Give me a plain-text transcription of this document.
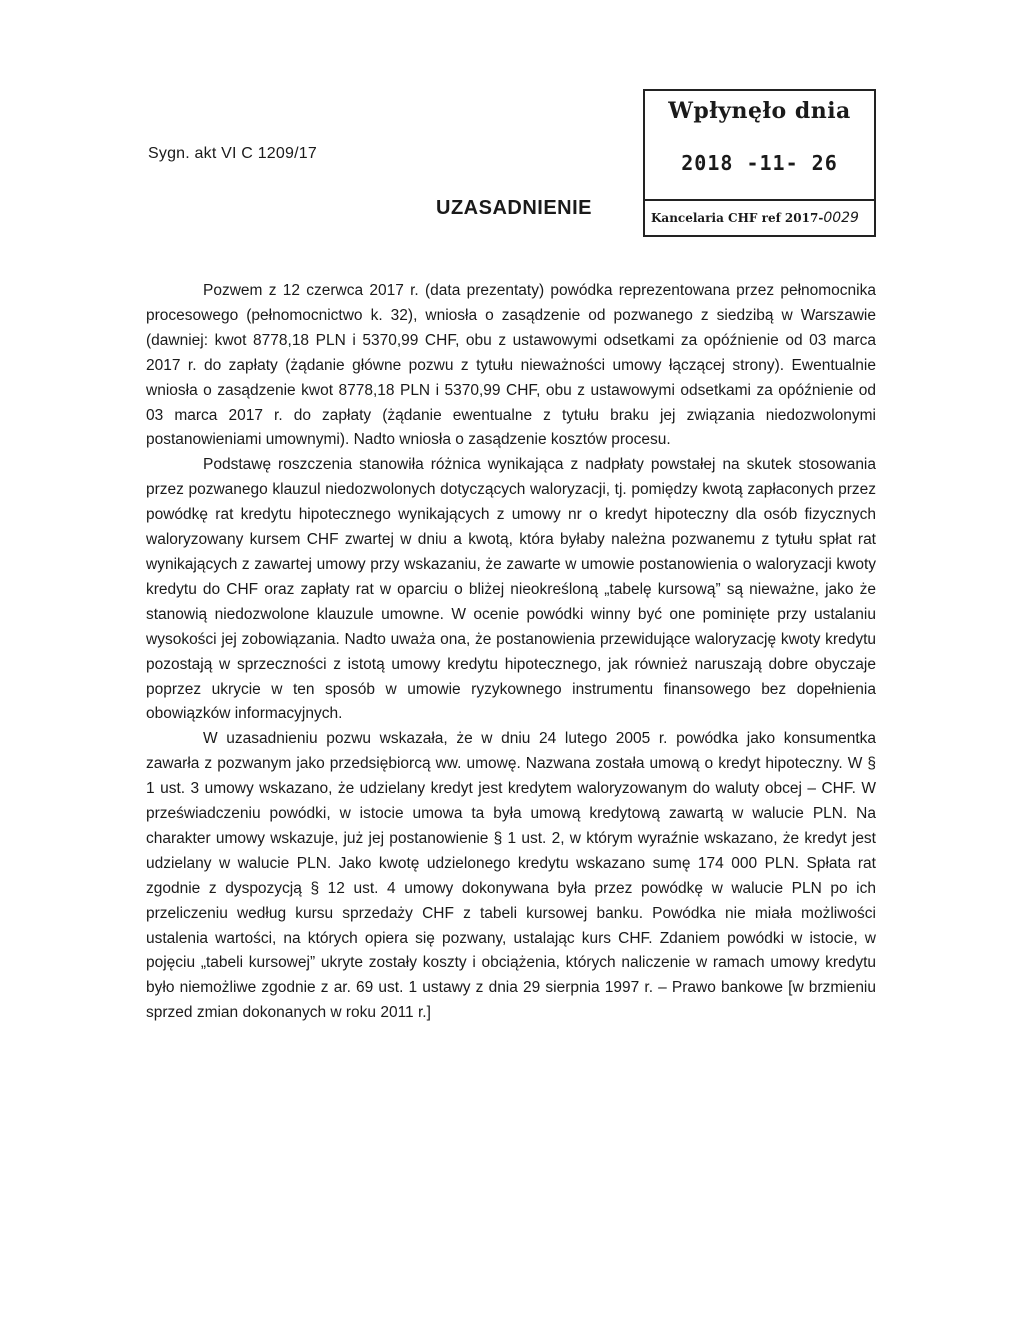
Sygn. akt VI C 1209/17
Wpłynęło dnia
2018 -11- 26
Kancelaria CHF ref 2017-0029
UZASADNIENIE

Pozwem z 12 czerwca 2017 r. (data prezentaty) powódka reprezentowana przez pełnomocnika procesowego (pełnomocnictwo k. 32), wniosła o zasądzenie od pozwanego z siedzibą w Warszawie (dawniej: kwot 8778,18 PLN i 5370,99 CHF, obu z ustawowymi odsetkami za opóźnienie od 03 marca 2017 r. do zapłaty (żądanie główne pozwu z tytułu nieważności umowy łączącej strony). Ewentualnie wniosła o zasądzenie kwot 8778,18 PLN i 5370,99 CHF, obu z ustawowymi odsetkami za opóźnienie od 03 marca 2017 r. do zapłaty (żądanie ewentualne z tytułu braku jej związania niedozwolonymi postanowieniami umownymi). Nadto wniosła o zasądzenie kosztów procesu.

Podstawę roszczenia stanowiła różnica wynikająca z nadpłaty powstałej na skutek stosowania przez pozwanego klauzul niedozwolonych dotyczących waloryzacji, tj. pomiędzy kwotą zapłaconych przez powódkę rat kredytu hipotecznego wynikających z umowy nr o kredyt hipoteczny dla osób fizycznych waloryzowany kursem CHF zwartej w dniu a kwotą, która byłaby należna pozwanemu z tytułu spłat rat wynikających z zawartej umowy przy wskazaniu, że zawarte w umowie postanowienia o waloryzacji kwoty kredytu do CHF oraz zapłaty rat w oparciu o bliżej nieokreśloną „tabelę kursową” są nieważne, jako że stanowią niedozwolone klauzule umowne. W ocenie powódki winny być one pominięte przy ustalaniu wysokości jej zobowiązania. Nadto uważa ona, że postanowienia przewidujące waloryzację kwoty kredytu pozostają w sprzeczności z istotą umowy kredytu hipotecznego, jak również naruszają dobre obyczaje poprzez ukrycie w ten sposób w umowie ryzykownego instrumentu finansowego bez dopełnienia obowiązków informacyjnych.

W uzasadnieniu pozwu wskazała, że w dniu 24 lutego 2005 r. powódka jako konsumentka zawarła z pozwanym jako przedsiębiorcą ww. umowę. Nazwana została umową o kredyt hipoteczny. W § 1 ust. 3 umowy wskazano, że udzielany kredyt jest kredytem waloryzowanym do waluty obcej – CHF. W przeświadczeniu powódki, w istocie umowa ta była umową kredytową zawartą w walucie PLN. Na charakter umowy wskazuje, już jej postanowienie § 1 ust. 2, w którym wyraźnie wskazano, że kredyt jest udzielany w walucie PLN. Jako kwotę udzielonego kredytu wskazano sumę 174 000 PLN. Spłata rat zgodnie z dyspozycją § 12 ust. 4 umowy dokonywana była przez powódkę w walucie PLN po ich przeliczeniu według kursu sprzedaży CHF z tabeli kursowej banku. Powódka nie miała możliwości ustalenia wartości, na których opiera się pozwany, ustalając kurs CHF. Zdaniem powódki w istocie, w pojęciu „tabeli kursowej” ukryte zostały koszty i obciążenia, których naliczenie w ramach umowy kredytu było niemożliwe zgodnie z ar. 69 ust. 1 ustawy z dnia 29 sierpnia 1997 r. – Prawo bankowe [w brzmieniu sprzed zmian dokonanych w roku 2011 r.]
